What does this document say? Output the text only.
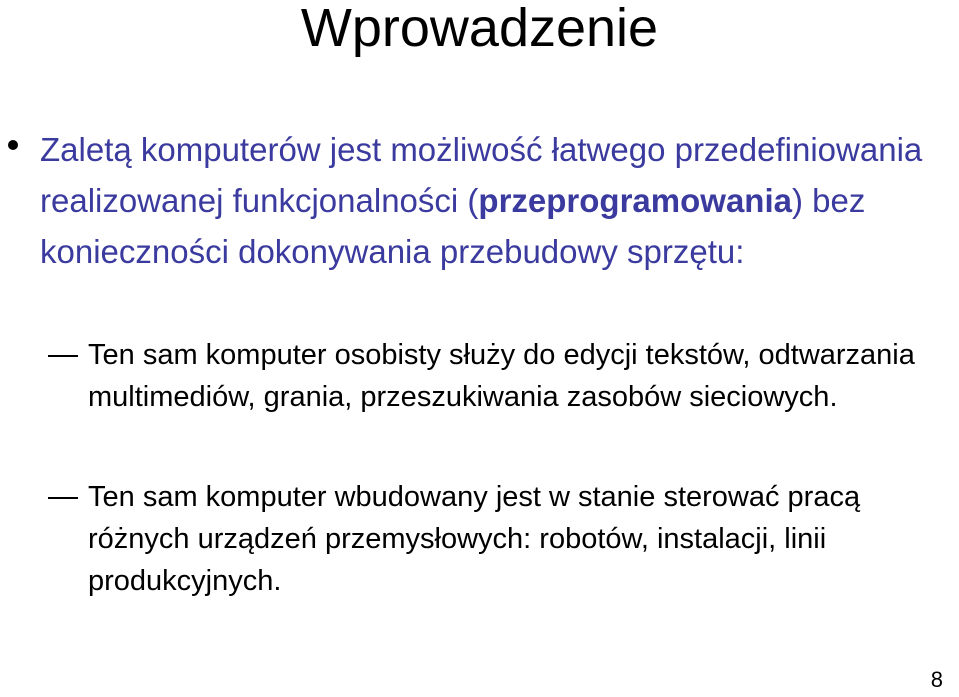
Wprowadzenie
Zaletą komputerów jest możliwość łatwego przedefiniowania realizowanej funkcjonalności (przeprogramowania) bez konieczności dokonywania przebudowy sprzętu:
Ten sam komputer osobisty służy do edycji tekstów, odtwarzania multimediów, grania, przeszukiwania zasobów sieciowych.
Ten sam komputer wbudowany jest w stanie sterować pracą różnych urządzeń przemysłowych: robotów, instalacji, linii produkcyjnych.
8
